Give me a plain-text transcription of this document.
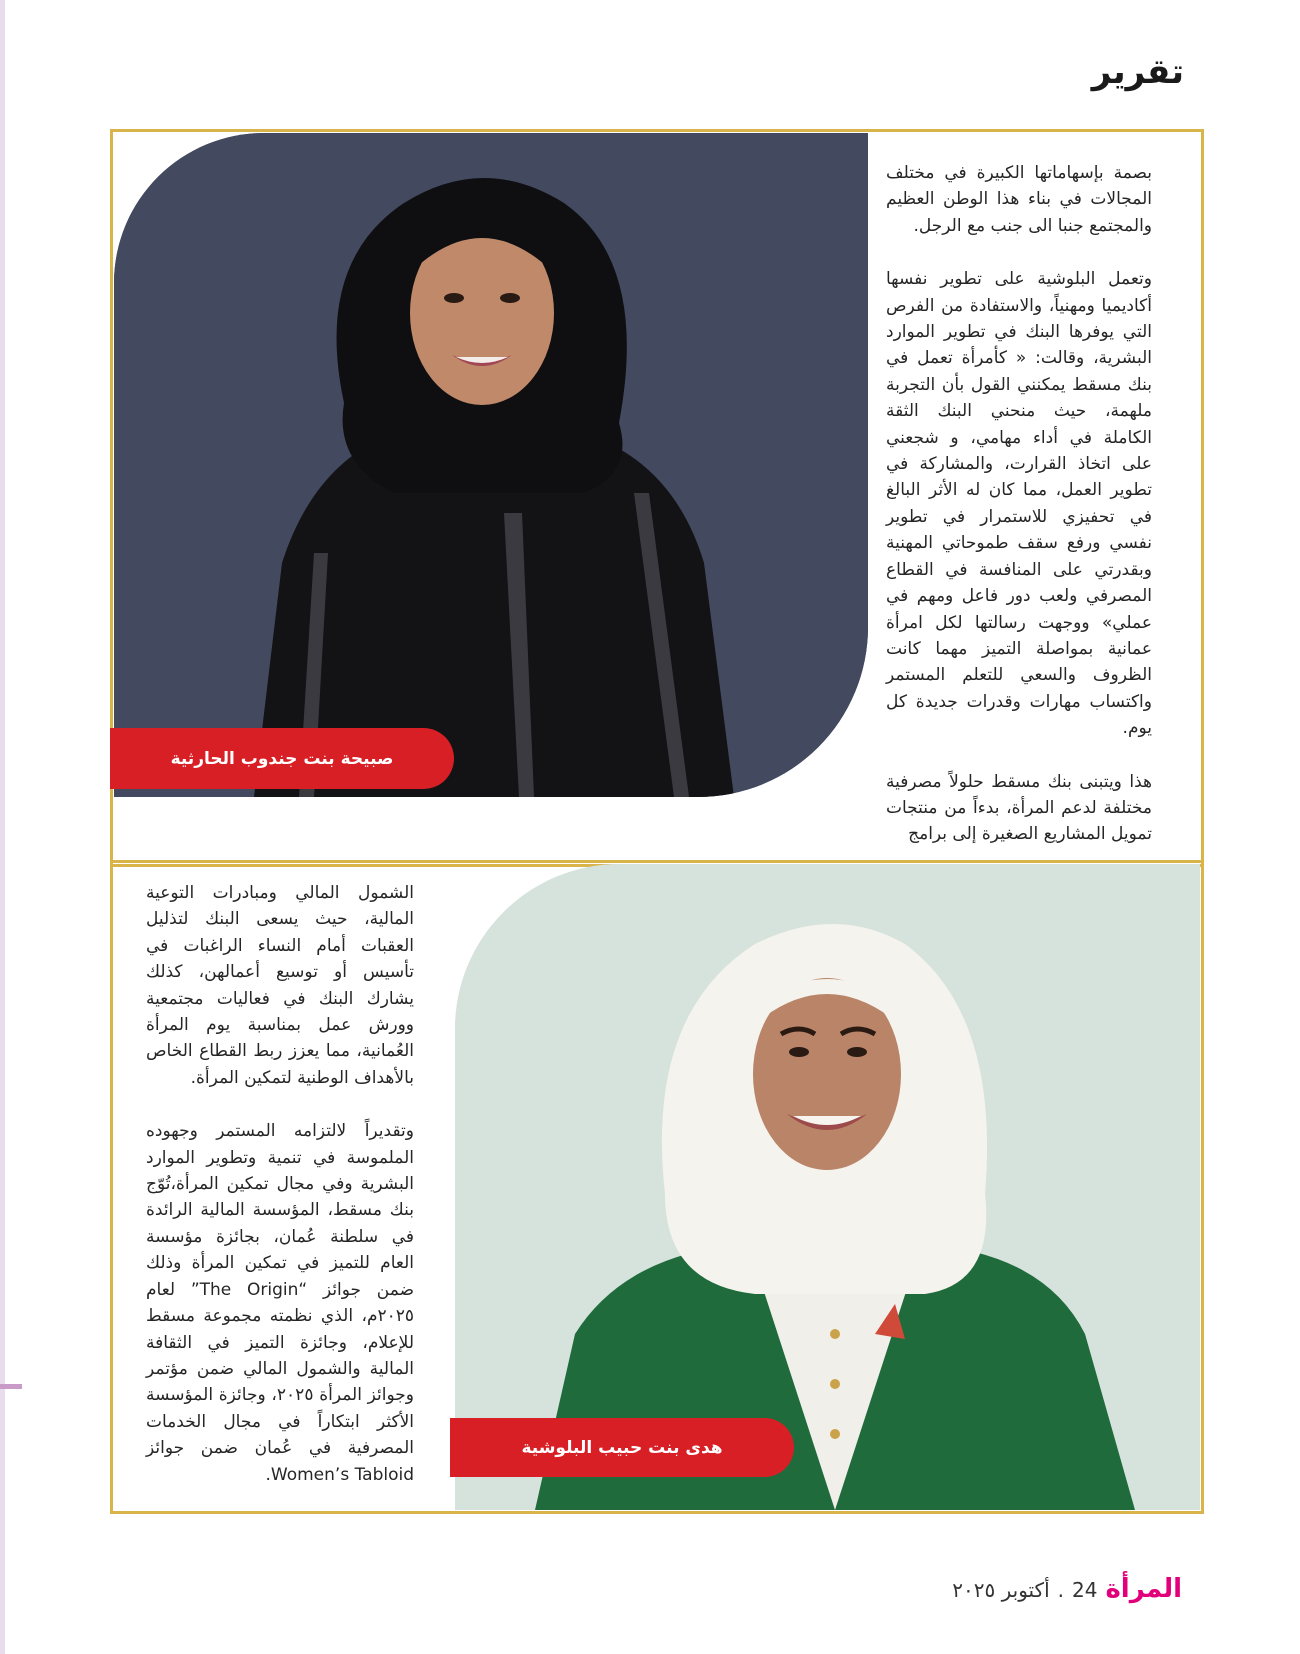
تقرير

بصمة بإسهاماتها الكبيرة في مختلف المجالات في بناء هذا الوطن العظيم والمجتمع جنبا الى جنب مع الرجل.

وتعمل البلوشية على تطوير نفسها أكاديميا ومهنياً، والاستفادة من الفرص التي يوفرها البنك في تطوير الموارد البشرية، وقالت: « كأمرأة تعمل في بنك مسقط يمكنني القول بأن التجربة ملهمة، حيث منحني البنك الثقة الكاملة في أداء مهامي، و شجعني على اتخاذ القرارت، والمشاركة في تطوير العمل، مما كان له الأثر البالغ في تحفيزي للاستمرار في تطوير نفسي ورفع سقف طموحاتي المهنية وبقدرتي على المنافسة في القطاع المصرفي ولعب دور فاعل ومهم في عملي» ووجهت رسالتها لكل امرأة عمانية بمواصلة التميز مهما كانت الظروف والسعي للتعلم المستمر واكتساب مهارات وقدرات جديدة كل يوم.

هذا ويتبنى بنك مسقط حلولاً مصرفية مختلفة لدعم المرأة، بدءاً من منتجات تمويل المشاريع الصغيرة إلى برامج

الشمول المالي ومبادرات التوعية المالية، حيث يسعى البنك لتذليل العقبات أمام النساء الراغبات في تأسيس أو توسيع أعمالهن، كذلك يشارك البنك في فعاليات مجتمعية وورش عمل بمناسبة يوم المرأة العُمانية، مما يعزز ربط القطاع الخاص بالأهداف الوطنية لتمكين المرأة.

وتقديراً لالتزامه المستمر وجهوده الملموسة في تنمية وتطوير الموارد البشرية وفي مجال تمكين المرأة،تُوّج بنك مسقط، المؤسسة المالية الرائدة في سلطنة عُمان، بجائزة مؤسسة العام للتميز في تمكين المرأة وذلك ضمن جوائز “The Origin” لعام ٢٠٢٥م، الذي نظمته مجموعة مسقط للإعلام، وجائزة التميز في الثقافة المالية والشمول المالي ضمن مؤتمر وجوائز المرأة ٢٠٢٥، وجائزة المؤسسة الأكثر ابتكاراً في مجال الخدمات المصرفية في عُمان ضمن جوائز Women’s Tabloid.

صبيحة بنت جندوب الحارثية
هدى بنت حبيب البلوشية
المرأة
24
.
أكتوبر ٢٠٢٥
